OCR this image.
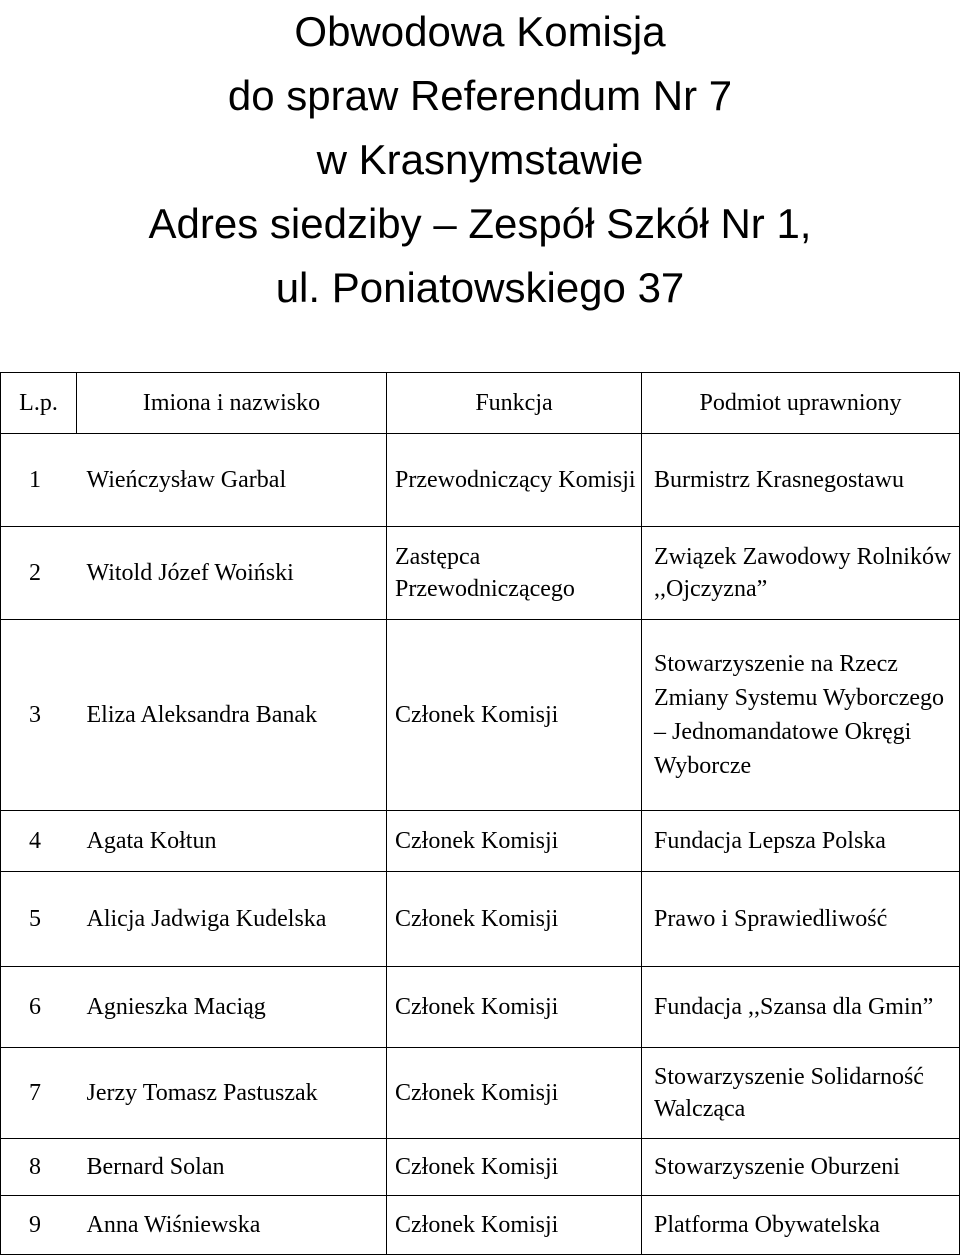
Obwodowa Komisja
do spraw Referendum Nr 7
w Krasnymstawie
Adres siedziby – Zespół Szkół Nr 1,
ul. Poniatowskiego 37
L.p.	Imiona i nazwisko	Funkcja	Podmiot uprawniony
1	Wieńczysław Garbal	Przewodniczący Komisji	Burmistrz Krasnegostawu
2	Witold Józef Woiński	Zastępca Przewodniczącego	Związek Zawodowy Rolników ,,Ojczyzna”
3	Eliza Aleksandra Banak	Członek Komisji	Stowarzyszenie na Rzecz Zmiany Systemu Wyborczego – Jednomandatowe Okręgi Wyborcze
4	Agata Kołtun	Członek Komisji	Fundacja Lepsza Polska
5	Alicja Jadwiga Kudelska	Członek Komisji	Prawo i Sprawiedliwość
6	Agnieszka Maciąg	Członek Komisji	Fundacja ,,Szansa dla Gmin”
7	Jerzy Tomasz Pastuszak	Członek Komisji	Stowarzyszenie Solidarność Walcząca
8	Bernard Solan	Członek Komisji	Stowarzyszenie Oburzeni
9	Anna Wiśniewska	Członek Komisji	Platforma Obywatelska
